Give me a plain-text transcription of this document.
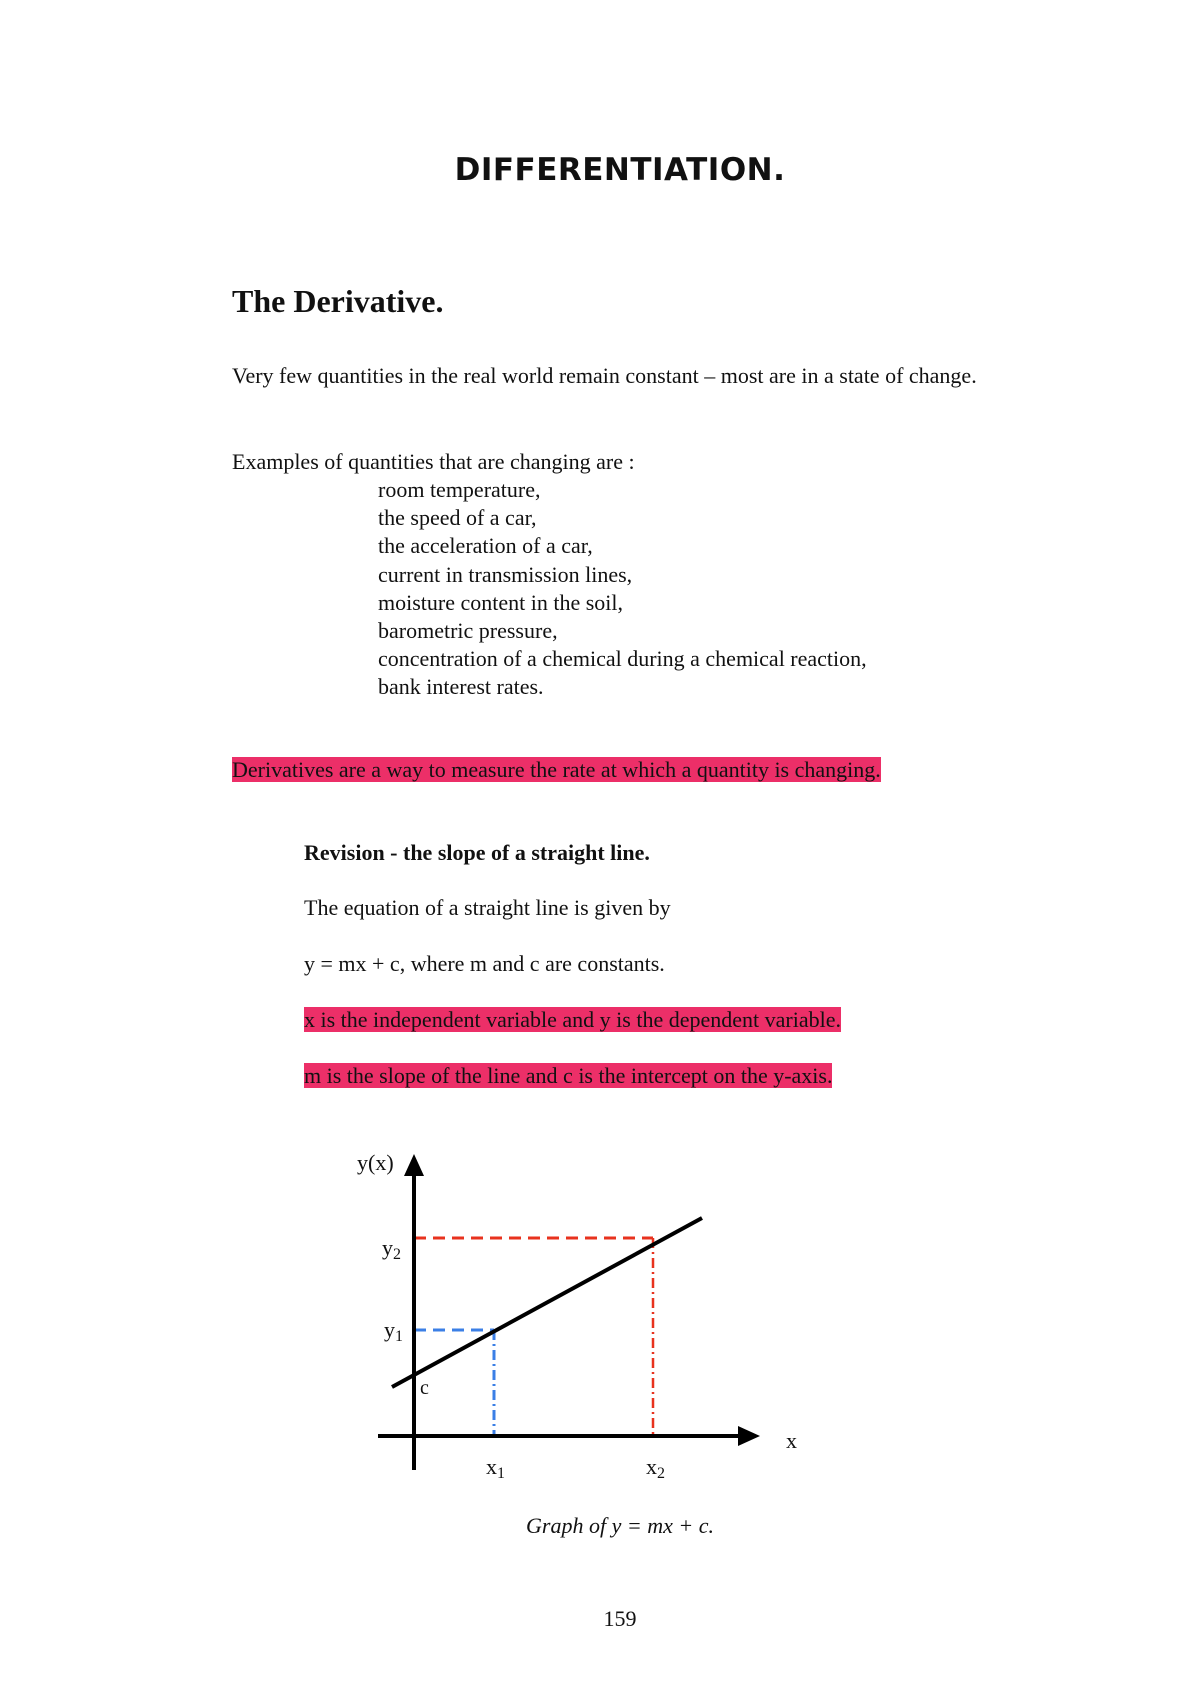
DIFFERENTIATION.
The Derivative.
Very few quantities in the real world remain constant – most are in a state of change.
Examples of quantities that are changing are :
room temperature,
the speed of a car,
the acceleration of a car,
current in transmission lines,
moisture content in the soil,
barometric pressure,
concentration of a chemical during a chemical reaction,
bank interest rates.
Derivatives are a way to measure the rate at which a quantity is changing.
Revision - the slope of a straight line.
The equation of a straight line is given by
y = mx + c, where m and c are constants.
x is the independent variable and y is the dependent variable.
m is the slope of the line and c is the intercept on the y-axis.
y(x)
x
y2
y1
c
x1	x2
Graph of y = mx + c.
159
